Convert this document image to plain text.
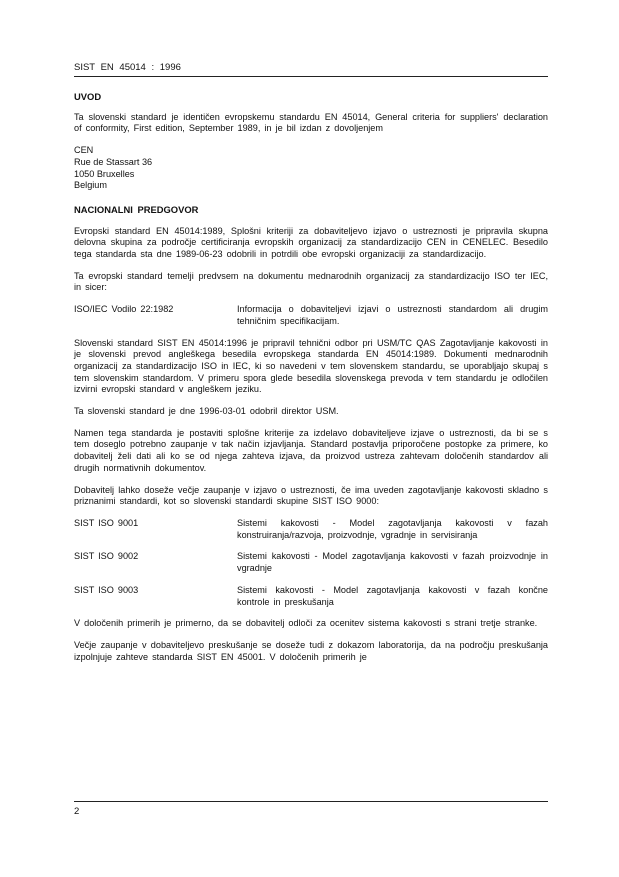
SIST EN 45014 : 1996
UVOD

Ta slovenski standard je identičen evropskemu standardu EN 45014, General criteria for suppliers' declaration of conformity, First edition, September 1989, in je bil izdan z dovoljenjem

CEN
Rue de Stassart 36
1050 Bruxelles
Belgium
NACIONALNI PREDGOVOR

Evropski standard EN 45014:1989, Splošni kriteriji za dobaviteljevo izjavo o ustreznosti je pripravila skupna delovna skupina za področje certificiranja evropskih organizacij za standardizacijo CEN in CENELEC. Besedilo tega standarda sta dne 1989-06-23 odobrili in potrdili obe evropski organizaciji za standardizacijo.

Ta evropski standard temelji predvsem na dokumentu mednarodnih organizacij za standardizacijo ISO ter IEC, in sicer:

ISO/IEC Vodilo 22:1982	Informacija o dobaviteljevi izjavi o ustreznosti standardom ali drugim tehničnim specifikacijam.

Slovenski standard SIST EN 45014:1996 je pripravil tehnični odbor pri USM/TC QAS Zagotavljanje kakovosti in je slovenski prevod angleškega besedila evropskega standarda EN 45014:1989. Dokumenti mednarodnih organizacij za standardizacijo ISO in IEC, ki so navedeni v tem slovenskem standardu, se uporabljajo skupaj s tem slovenskim standardom. V primeru spora glede besedila slovenskega prevoda v tem standardu je odločilen izvirni evropski standard v angleškem jeziku.

Ta slovenski standard je dne 1996-03-01 odobril direktor USM.

Namen tega standarda je postaviti splošne kriterije za izdelavo dobaviteljeve izjave o ustreznosti, da bi se s tem doseglo potrebno zaupanje v tak način izjavljanja. Standard postavlja priporočene postopke za primere, ko dobavitelj želi dati ali ko se od njega zahteva izjava, da proizvod ustreza zahtevam določenih standardov ali drugih normativnih dokumentov.

Dobavitelj lahko doseže večje zaupanje v izjavo o ustreznosti, če ima uveden zagotavljanje kakovosti skladno s priznanimi standardi, kot so slovenski standardi skupine SIST ISO 9000:

SIST ISO 9001	Sistemi kakovosti - Model zagotavljanja kakovosti v fazah konstruiranja/razvoja, proizvodnje, vgradnje in servisiranja
SIST ISO 9002	Sistemi kakovosti - Model zagotavljanja kakovosti v fazah proizvodnje in vgradnje
SIST ISO 9003	Sistemi kakovosti - Model zagotavljanja kakovosti v fazah končne kontrole in preskušanja

V določenih primerih je primerno, da se dobavitelj odloči za ocenitev sistema kakovosti s strani tretje stranke.

Večje zaupanje v dobaviteljevo preskušanje se doseže tudi z dokazom laboratorija, da na področju preskušanja izpolnjuje zahteve standarda SIST EN 45001. V določenih primerih je

2
